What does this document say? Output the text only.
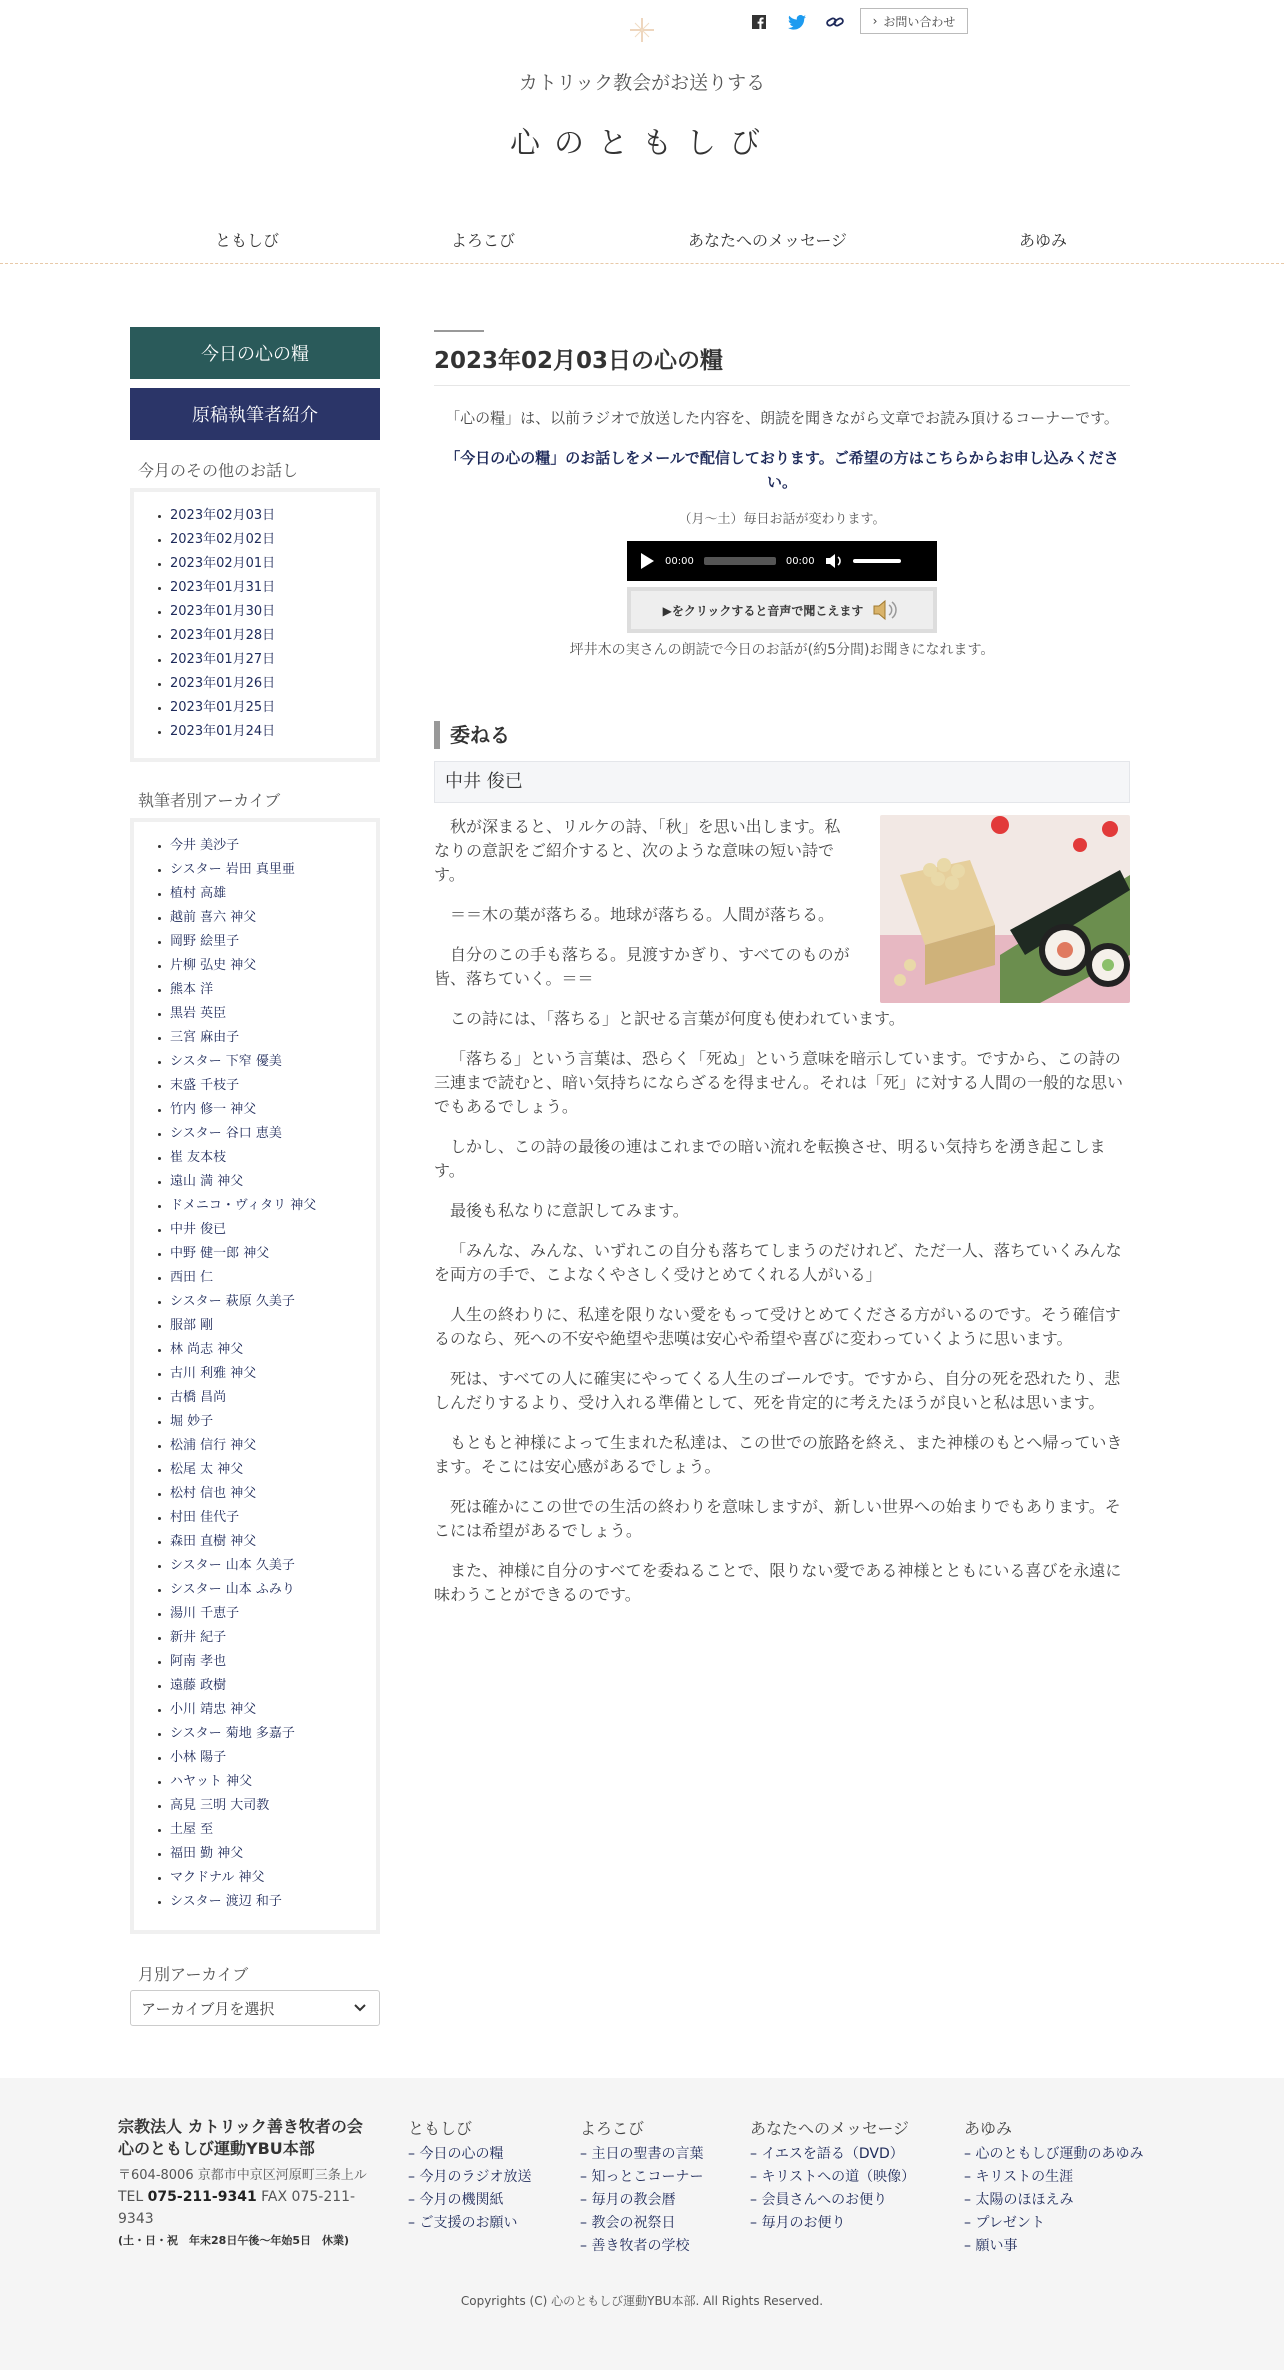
› お問い合わせ
カトリック教会がお送りする
心のともしび
ともしび	よろこび	あなたへのメッセージ	あゆみ
今日の心の糧
原稿執筆者紹介
今月のその他のお話し
• 2023年02月03日
• 2023年02月02日
• 2023年02月01日
• 2023年01月31日
• 2023年01月30日
• 2023年01月28日
• 2023年01月27日
• 2023年01月26日
• 2023年01月25日
• 2023年01月24日
執筆者別アーカイブ
• 今井 美沙子
• シスター 岩田 真里亜
• 植村 高雄
• 越前 喜六 神父
• 岡野 絵里子
• 片柳 弘史 神父
• 熊本 洋
• 黒岩 英臣
• 三宮 麻由子
• シスター 下窄 優美
• 末盛 千枝子
• 竹内 修一 神父
• シスター 谷口 恵美
• 崔 友本枝
• 遠山 満 神父
• ドメニコ・ヴィタリ 神父
• 中井 俊已
• 中野 健一郎 神父
• 西田 仁
• シスター 萩原 久美子
• 服部 剛
• 林 尚志 神父
• 古川 利雅 神父
• 古橋 昌尚
• 堀 妙子
• 松浦 信行 神父
• 松尾 太 神父
• 松村 信也 神父
• 村田 佳代子
• 森田 直樹 神父
• シスター 山本 久美子
• シスター 山本 ふみり
• 湯川 千恵子
• 新井 紀子
• 阿南 孝也
• 遠藤 政樹
• 小川 靖忠 神父
• シスター 菊地 多嘉子
• 小林 陽子
• ハヤット 神父
• 高見 三明 大司教
• 土屋 至
• 福田 勤 神父
• マクドナル 神父
• シスター 渡辺 和子
月別アーカイブ
アーカイブ月を選択
2023年02月03日の心の糧

「心の糧」は、以前ラジオで放送した内容を、朗読を聞きながら文章でお読み頂けるコーナーです。

「今日の心の糧」のお話しをメールで配信しております。ご希望の方はこちらからお申し込みください。

（月～土）毎日お話が変わります。

00:00	00:00
▶をクリックすると音声で聞こえます

坪井木の実さんの朗読で今日のお話が(約5分間)お聞きになれます。

委ねる
中井 俊已

秋が深まると、リルケの詩、「秋」を思い出します。私なりの意訳をご紹介すると、次のような意味の短い詩です。

＝＝木の葉が落ちる。地球が落ちる。人間が落ちる。

自分のこの手も落ちる。見渡すかぎり、すべてのものが皆、落ちていく。＝＝

この詩には、「落ちる」と訳せる言葉が何度も使われています。

「落ちる」という言葉は、恐らく「死ぬ」という意味を暗示しています。ですから、この詩の三連まで読むと、暗い気持ちにならざるを得ません。それは「死」に対する人間の一般的な思いでもあるでしょう。

しかし、この詩の最後の連はこれまでの暗い流れを転換させ、明るい気持ちを湧き起こします。

最後も私なりに意訳してみます。

「みんな、みんな、いずれこの自分も落ちてしまうのだけれど、ただ一人、落ちていくみんなを両方の手で、こよなくやさしく受けとめてくれる人がいる」

人生の終わりに、私達を限りない愛をもって受けとめてくださる方がいるのです。そう確信するのなら、死への不安や絶望や悲嘆は安心や希望や喜びに変わっていくように思います。

死は、すべての人に確実にやってくる人生のゴールです。ですから、自分の死を恐れたり、悲しんだりするより、受け入れる準備として、死を肯定的に考えたほうが良いと私は思います。

もともと神様によって生まれた私達は、この世での旅路を終え、また神様のもとへ帰っていきます。そこには安心感があるでしょう。

死は確かにこの世での生活の終わりを意味しますが、新しい世界への始まりでもあります。そこには希望があるでしょう。

また、神様に自分のすべてを委ねることで、限りない愛である神様とともにいる喜びを永遠に味わうことができるのです。

宗教法人 カトリック善き牧者の会
心のともしび運動YBU本部
〒604-8006 京都市中京区河原町三条上ル
TEL 075-211-9341 FAX 075-211-9343
(土・日・祝　年末28日午後〜年始5日　休業)
ともしび
– 今日の心の糧
– 今月のラジオ放送
– 今月の機関紙
– ご支援のお願い
よろこび
– 主日の聖書の言葉
– 知っとこコーナー
– 毎月の教会暦
– 教会の祝祭日
– 善き牧者の学校
あなたへのメッセージ
– イエスを語る（DVD）
– キリストへの道（映像）
– 会員さんへのお便り
– 毎月のお便り
あゆみ
– 心のともしび運動のあゆみ
– キリストの生涯
– 太陽のほほえみ
– プレゼント
– 願い事
Copyrights (C) 心のともしび運動YBU本部. All Rights Reserved.
